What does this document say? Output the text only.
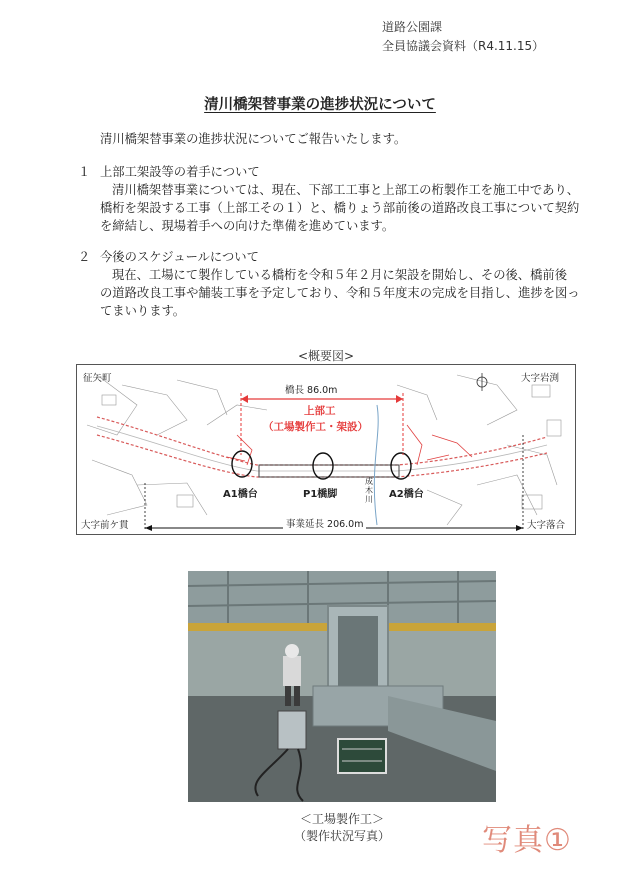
道路公園課
全員協議会資料（R4.11.15）
清川橋架替事業の進捗状況について
清川橋架替事業の進捗状況についてご報告いたします。
１ 上部工架設等の着手について
清川橋架替事業については、現在、下部工工事と上部工の桁製作工を施工中であり、
橋桁を架設する工事（上部工その１）と、橋りょう部前後の道路改良工事について契約
を締結し、現場着手への向けた準備を進めています。
２ 今後のスケジュールについて
現在、工場にて製作している橋桁を令和５年２月に架設を開始し、その後、橋前後
の道路改良工事や舗装工事を予定しており、令和５年度末の完成を目指し、進捗を図っ
てまいります。
<概要図>
征矢町	大字岩渕
大字前ケ貫	大字落合
橋長 86.0m
上部工
（工場製作工・架設）
A1橋台	P1橋脚	A2橋台
成木川
事業延長 206.0m
＜工場製作工＞
（製作状況写真）	写真①
